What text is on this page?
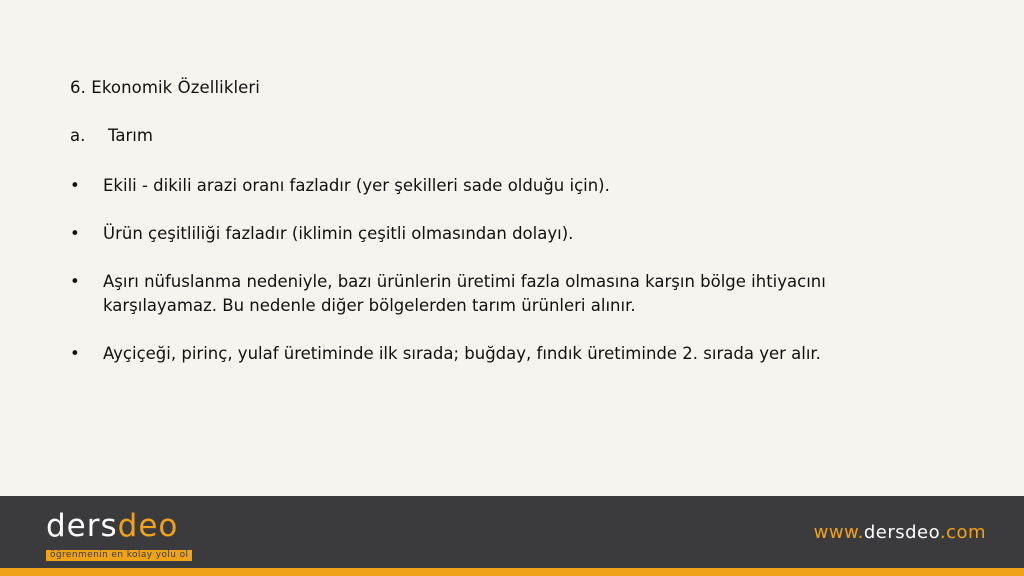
6. Ekonomik Özellikleri
a. Tarım
• Ekili - dikili arazi oranı fazladır (yer şekilleri sade olduğu için).
• Ürün çeşitliliği fazladır (iklimin çeşitli olmasından dolayı).
• Aşırı nüfuslanma nedeniyle, bazı ürünlerin üretimi fazla olmasına karşın bölge ihtiyacını karşılayamaz. Bu nedenle diğer bölgelerden tarım ürünleri alınır.
• Ayçiçeği, pirinç, yulaf üretiminde ilk sırada; buğday, fındık üretiminde 2. sırada yer alır.
dersdeo
öğrenmenin en kolay yolu ol
www.dersdeo.com
